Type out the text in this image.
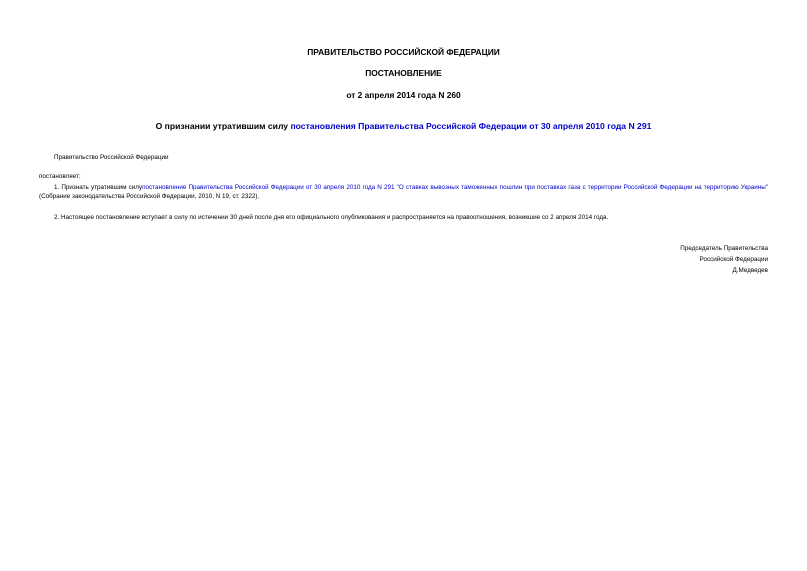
ПРАВИТЕЛЬСТВО РОССИЙСКОЙ ФЕДЕРАЦИИ
ПОСТАНОВЛЕНИЕ
от 2 апреля 2014 года N 260
О признании утратившим силу постановления Правительства Российской Федерации от 30 апреля 2010 года N 291
Правительство Российской Федерации
постановляет:
1. Признать утратившим силупостановление Правительства Российской Федерации от 30 апреля 2010 года N 291 "О ставках вывозных таможенных пошлин при поставках газа с территории Российской Федерации на территорию Украины" (Собрание законодательства Российской Федерации, 2010, N 19, ст. 2322).
2. Настоящее постановление вступает в силу по истечении 30 дней после дня его официального опубликования и распространяется на правоотношения, возникшие со 2 апреля 2014 года.
Председатель Правительства
Российской Федерации
Д.Медведев
